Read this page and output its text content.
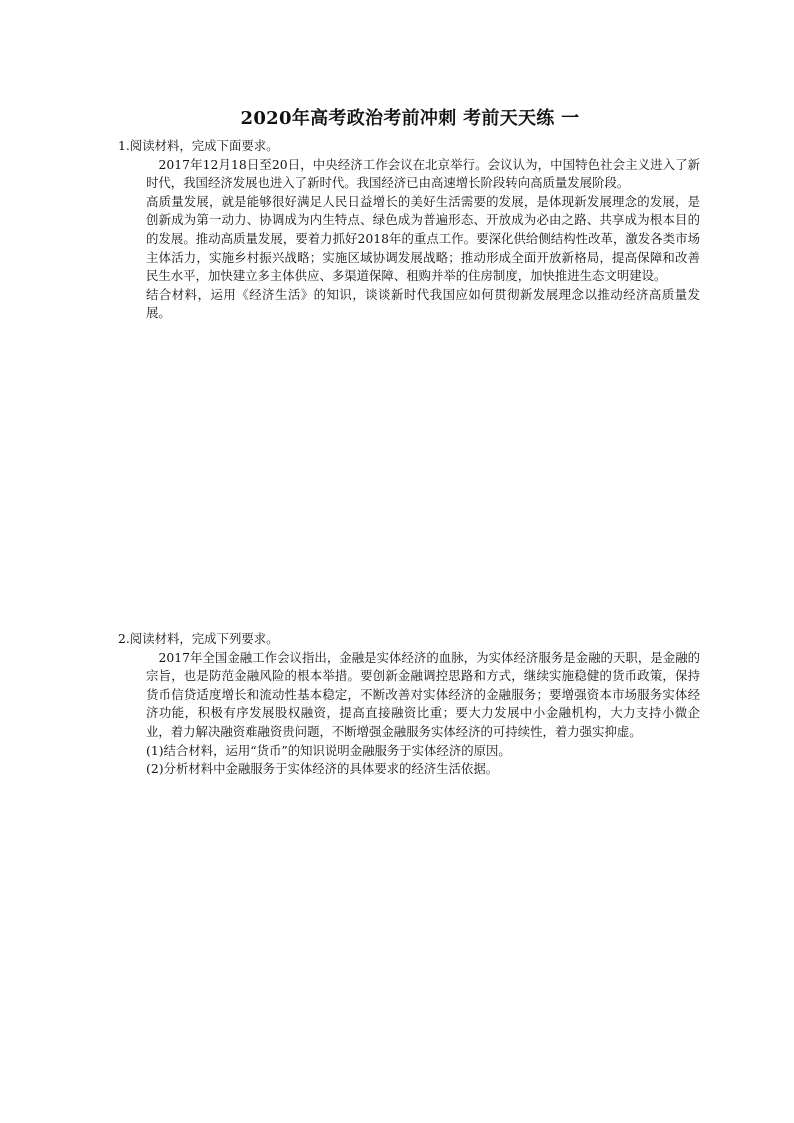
2020年高考政治考前冲刺 考前天天练 一

1.阅读材料，完成下面要求。

　2017年12月18日至20日，中央经济工作会议在北京举行。会议认为，中国特色社会主义进入了新时代，我国经济发展也进入了新时代。我国经济已由高速增长阶段转向高质量发展阶段。

高质量发展，就是能够很好满足人民日益增长的美好生活需要的发展，是体现新发展理念的发展，是创新成为第一动力、协调成为内生特点、绿色成为普遍形态、开放成为必由之路、共享成为根本目的的发展。推动高质量发展，要着力抓好2018年的重点工作。要深化供给侧结构性改革，激发各类市场主体活力，实施乡村振兴战略；实施区域协调发展战略；推动形成全面开放新格局，提高保障和改善民生水平，加快建立多主体供应、多渠道保障、租购并举的住房制度，加快推进生态文明建设。

结合材料，运用《经济生活》的知识，谈谈新时代我国应如何贯彻新发展理念以推动经济高质量发展。

2.阅读材料，完成下列要求。

　2017年全国金融工作会议指出，金融是实体经济的血脉，为实体经济服务是金融的天职，是金融的宗旨，也是防范金融风险的根本举措。要创新金融调控思路和方式，继续实施稳健的货币政策，保持货币信贷适度增长和流动性基本稳定，不断改善对实体经济的金融服务；要增强资本市场服务实体经济功能，积极有序发展股权融资，提高直接融资比重；要大力发展中小金融机构，大力支持小微企业，着力解决融资难融资贵问题，不断增强金融服务实体经济的可持续性，着力强实抑虚。

(1)结合材料，运用“货币”的知识说明金融服务于实体经济的原因。

(2)分析材料中金融服务于实体经济的具体要求的经济生活依据。
